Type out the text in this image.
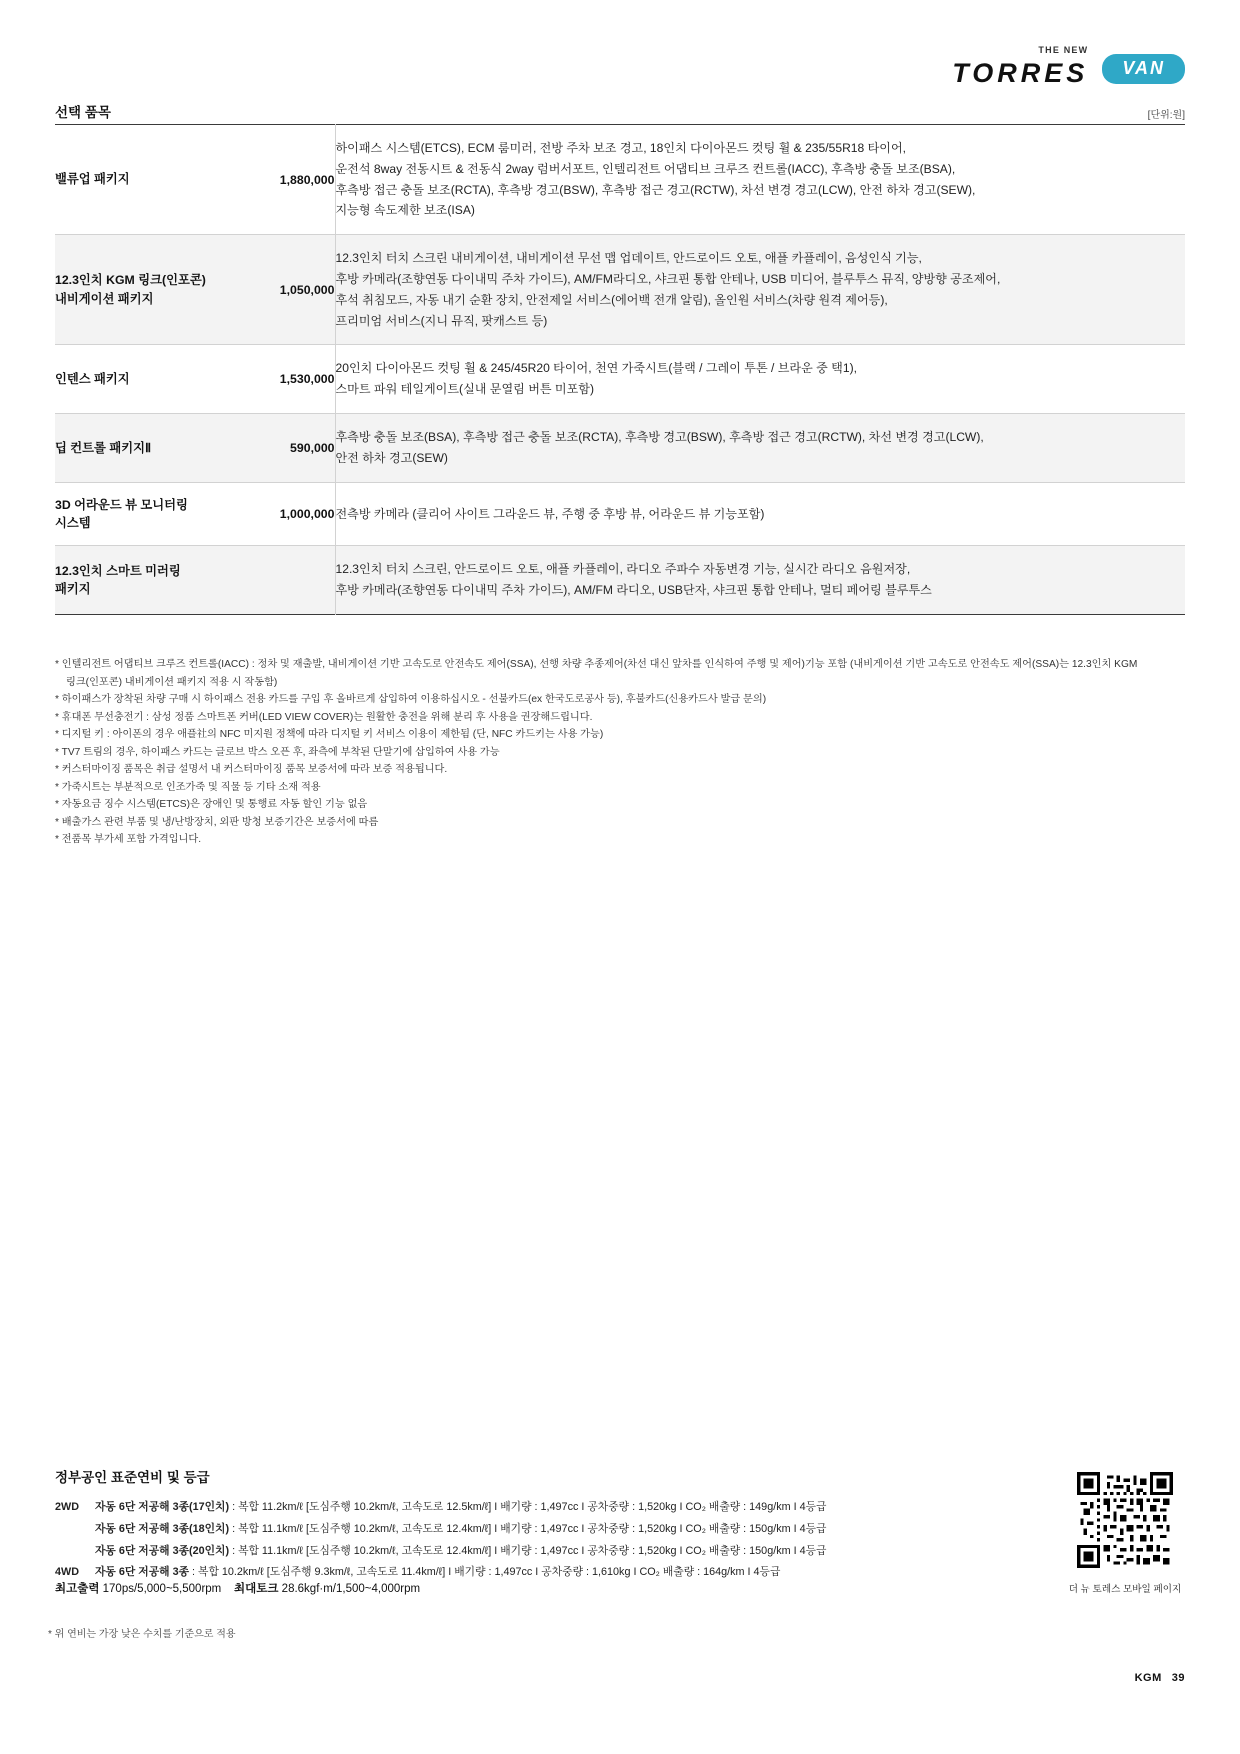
THE NEW
TORRES	VAN
선택 품목	[단위:원]
밸류업 패키지	1,880,000	하이패스 시스템(ETCS), ECM 룸미러, 전방 주차 보조 경고, 18인치 다이아몬드 컷팅 휠 & 235/55R18 타이어,
운전석 8way 전동시트 & 전동식 2way 럼버서포트, 인텔리전트 어댑티브 크루즈 컨트롤(IACC), 후측방 충돌 보조(BSA),
후측방 접근 충돌 보조(RCTA), 후측방 경고(BSW), 후측방 접근 경고(RCTW), 차선 변경 경고(LCW), 안전 하차 경고(SEW),
지능형 속도제한 보조(ISA)
12.3인치 KGM 링크(인포콘)
내비게이션 패키지	1,050,000	12.3인치 터치 스크린 내비게이션, 내비게이션 무선 맵 업데이트, 안드로이드 오토, 애플 카플레이, 음성인식 기능,
후방 카메라(조향연동 다이내믹 주차 가이드), AM/FM라디오, 샤크핀 통합 안테나, USB 미디어, 블루투스 뮤직, 양방향 공조제어,
후석 취침모드, 자동 내기 순환 장치, 안전제일 서비스(에어백 전개 알림), 올인원 서비스(차량 원격 제어등),
프리미엄 서비스(지니 뮤직, 팟캐스트 등)
인텐스 패키지	1,530,000	20인치 다이아몬드 컷팅 휠 & 245/45R20 타이어, 천연 가죽시트(블랙 / 그레이 투톤 / 브라운 중 택1),
스마트 파워 테일게이트(실내 문열림 버튼 미포함)
딥 컨트롤 패키지Ⅱ	590,000	후측방 충돌 보조(BSA), 후측방 접근 충돌 보조(RCTA), 후측방 경고(BSW), 후측방 접근 경고(RCTW), 차선 변경 경고(LCW),
안전 하차 경고(SEW)
3D 어라운드 뷰 모니터링
시스템	1,000,000	전측방 카메라 (클리어 사이트 그라운드 뷰, 주행 중 후방 뷰, 어라운드 뷰 기능포함)
12.3인치 스마트 미러링
패키지		12.3인치 터치 스크린, 안드로이드 오토, 애플 카플레이, 라디오 주파수 자동변경 기능, 실시간 라디오 음원저장,
후방 카메라(조향연동 다이내믹 주차 가이드), AM/FM 라디오, USB단자, 샤크핀 통합 안테나, 멀티 페어링 블루투스
* 인텔리전트 어댑티브 크루즈 컨트롤(IACC) : 정차 및 재출발, 내비게이션 기반 고속도로 안전속도 제어(SSA), 선행 차량 추종제어(차선 대신 앞차를 인식하여 주행 및 제어)기능 포함 (내비게이션 기반 고속도로 안전속도 제어(SSA)는 12.3인치 KGM
링크(인포콘) 내비게이션 패키지 적용 시 작동함)
* 하이패스가 장착된 차량 구매 시 하이패스 전용 카드를 구입 후 올바르게 삽입하여 이용하십시오 - 선불카드(ex 한국도로공사 등), 후불카드(신용카드사 발급 문의)
* 휴대폰 무선충전기 : 삼성 정품 스마트폰 커버(LED VIEW COVER)는 원활한 충전을 위해 분리 후 사용을 권장해드립니다.
* 디지털 키 : 아이폰의 경우 애플社의 NFC 미지원 정책에 따라 디지털 키 서비스 이용이 제한됨 (단, NFC 카드키는 사용 가능)
* TV7 트림의 경우, 하이패스 카드는 글로브 박스 오픈 후, 좌측에 부착된 단말기에 삽입하여 사용 가능
* 커스터마이징 품목은 취급 설명서 내 커스터마이징 품목 보증서에 따라 보증 적용됩니다.
* 가죽시트는 부분적으로 인조가죽 및 직물 등 기타 소재 적용
* 자동요금 징수 시스템(ETCS)은 장애인 및 통행료 자동 할인 기능 없음
* 배출가스 관련 부품 및 냉/난방장치, 외판 방청 보증기간은 보증서에 따름
* 전품목 부가세 포함 가격입니다.
정부공인 표준연비 및 등급
2WD 자동 6단 저공해 3종(17인치) : 복합 11.2km/ℓ [도심주행 10.2km/ℓ, 고속도로 12.5km/ℓ] Ι 배기량 : 1,497cc Ι 공차중량 : 1,520kg Ι CO₂ 배출량 : 149g/km Ι 4등급
자동 6단 저공해 3종(18인치) : 복합 11.1km/ℓ [도심주행 10.2km/ℓ, 고속도로 12.4km/ℓ] Ι 배기량 : 1,497cc Ι 공차중량 : 1,520kg Ι CO₂ 배출량 : 150g/km Ι 4등급
자동 6단 저공해 3종(20인치) : 복합 11.1km/ℓ [도심주행 10.2km/ℓ, 고속도로 12.4km/ℓ] Ι 배기량 : 1,497cc Ι 공차중량 : 1,520kg Ι CO₂ 배출량 : 150g/km Ι 4등급
4WD 자동 6단 저공해 3종 : 복합 10.2km/ℓ [도심주행 9.3km/ℓ, 고속도로 11.4km/ℓ] Ι 배기량 : 1,497cc Ι 공차중량 : 1,610kg Ι CO₂ 배출량 : 164g/km Ι 4등급
최고출력 170ps/5,000~5,500rpm 최대토크 28.6kgf·m/1,500~4,000rpm
* 위 연비는 가장 낮은 수치를 기준으로 적용
더 뉴 토레스 모바일 페이지
KGM 39
